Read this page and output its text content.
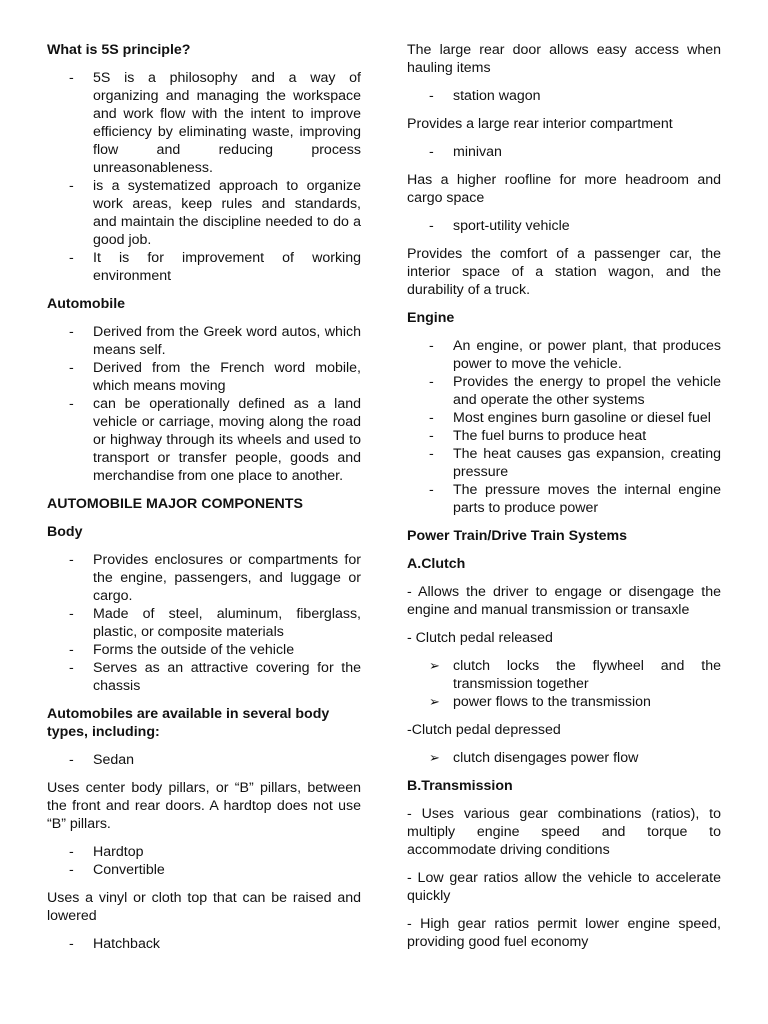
What is 5S principle?
- 5S is a philosophy and a way of organizing and managing the workspace and work flow with the intent to improve efficiency by eliminating waste, improving flow and reducing process unreasonableness.
- is a systematized approach to organize work areas, keep rules and standards, and maintain the discipline needed to do a good job.
- It is for improvement of working environment
Automobile
- Derived from the Greek word autos, which means self.
- Derived from the French word mobile, which means moving
- can be operationally defined as a land vehicle or carriage, moving along the road or highway through its wheels and used to transport or transfer people, goods and merchandise from one place to another.
AUTOMOBILE MAJOR COMPONENTS
Body
- Provides enclosures or compartments for the engine, passengers, and luggage or cargo.
- Made of steel, aluminum, fiberglass, plastic, or composite materials
- Forms the outside of the vehicle
- Serves as an attractive covering for the chassis
Automobiles are available in several body types, including:
- Sedan
Uses center body pillars, or “B” pillars, between the front and rear doors. A hardtop does not use “B” pillars.
- Hardtop
- Convertible
Uses a vinyl or cloth top that can be raised and lowered
- Hatchback
The large rear door allows easy access when hauling items
- station wagon
Provides a large rear interior compartment
- minivan
Has a higher roofline for more headroom and cargo space
- sport-utility vehicle
Provides the comfort of a passenger car, the interior space of a station wagon, and the durability of a truck.
Engine
- An engine, or power plant, that produces power to move the vehicle.
- Provides the energy to propel the vehicle and operate the other systems
- Most engines burn gasoline or diesel fuel
- The fuel burns to produce heat
- The heat causes gas expansion, creating pressure
- The pressure moves the internal engine parts to produce power
Power Train/Drive Train Systems
A.Clutch
- Allows the driver to engage or disengage the engine and manual transmission or transaxle
- Clutch pedal released
➢ clutch locks the flywheel and the transmission together
➢ power flows to the transmission
-Clutch pedal depressed
➢ clutch disengages power flow
B.Transmission
- Uses various gear combinations (ratios), to multiply engine speed and torque to accommodate driving conditions
- Low gear ratios allow the vehicle to accelerate quickly
- High gear ratios permit lower engine speed, providing good fuel economy
